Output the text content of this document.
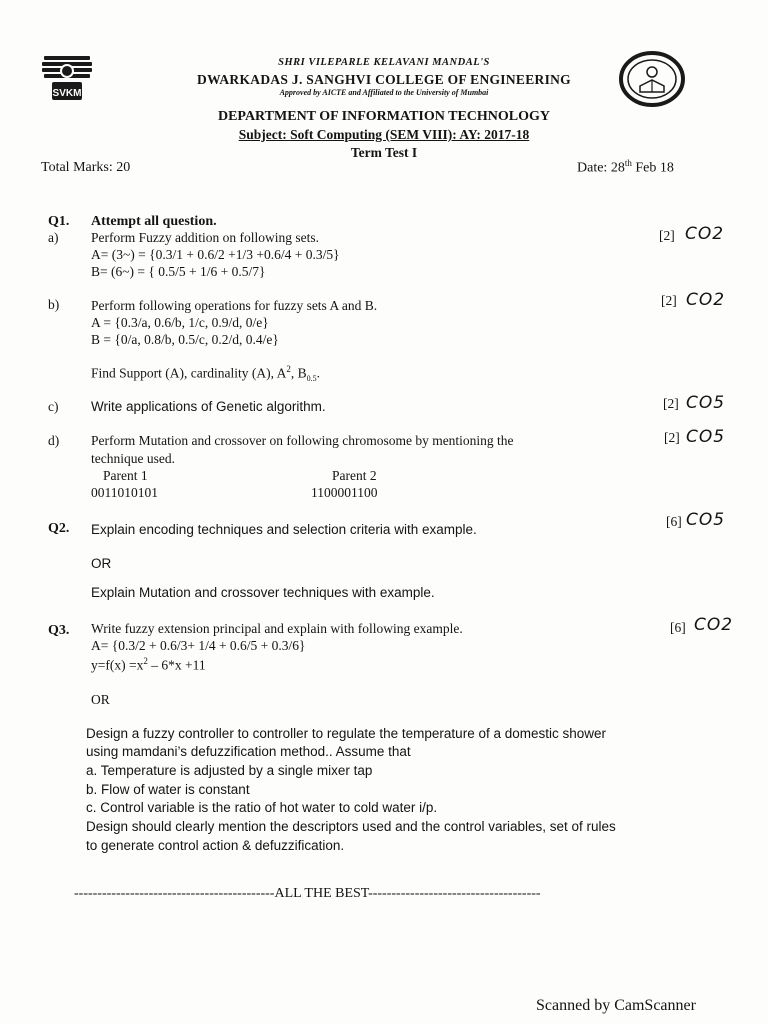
SVKM
SHRI VILEPARLE KELAVANI MANDAL'S
DWARKADAS J. SANGHVI COLLEGE OF ENGINEERING
Approved by AICTE and Affiliated to the University of Mumbai
DEPARTMENT OF INFORMATION TECHNOLOGY
Subject: Soft Computing (SEM VIII): AY: 2017-18
Term Test I
Total Marks: 20	Date: 28th Feb 18
Q1. Attempt all question.
a) Perform Fuzzy addition on following sets.
A= (3~) = {0.3/1 + 0.6/2 +1/3 +0.6/4 + 0.3/5}
B= (6~) = { 0.5/5 + 1/6 + 0.5/7}
[2] CO2
b) Perform following operations for fuzzy sets A and B.
A = {0.3/a, 0.6/b, 1/c, 0.9/d, 0/e}
B = {0/a, 0.8/b, 0.5/c, 0.2/d, 0.4/e}
Find Support (A), cardinality (A), $A^2$, $B_{0.5}$.
[2] CO2
c) Write applications of Genetic algorithm.	[2] CO5
d) Perform Mutation and crossover on following chromosome by mentioning the
technique used.
Parent 1	Parent 2
0011010101	1100001100
[2] CO5
Q2. Explain encoding techniques and selection criteria with example.
OR
Explain Mutation and crossover techniques with example.
[6] CO5
Q3. Write fuzzy extension principal and explain with following example.
A= {0.3/2 + 0.6/3+ 1/4 + 0.6/5 + 0.3/6}
$y=f(x) =x^2 - 6*x +11$
OR
Design a fuzzy controller to controller to regulate the temperature of a domestic shower
using mamdani’s defuzzification method.. Assume that
a. Temperature is adjusted by a single mixer tap
b. Flow of water is constant
c. Control variable is the ratio of hot water to cold water i/p.
Design should clearly mention the descriptors used and the control variables, set of rules
to generate control action & defuzzification.
[6] CO2
-------------------------------------------ALL THE BEST-------------------------------------
Scanned by CamScanner
